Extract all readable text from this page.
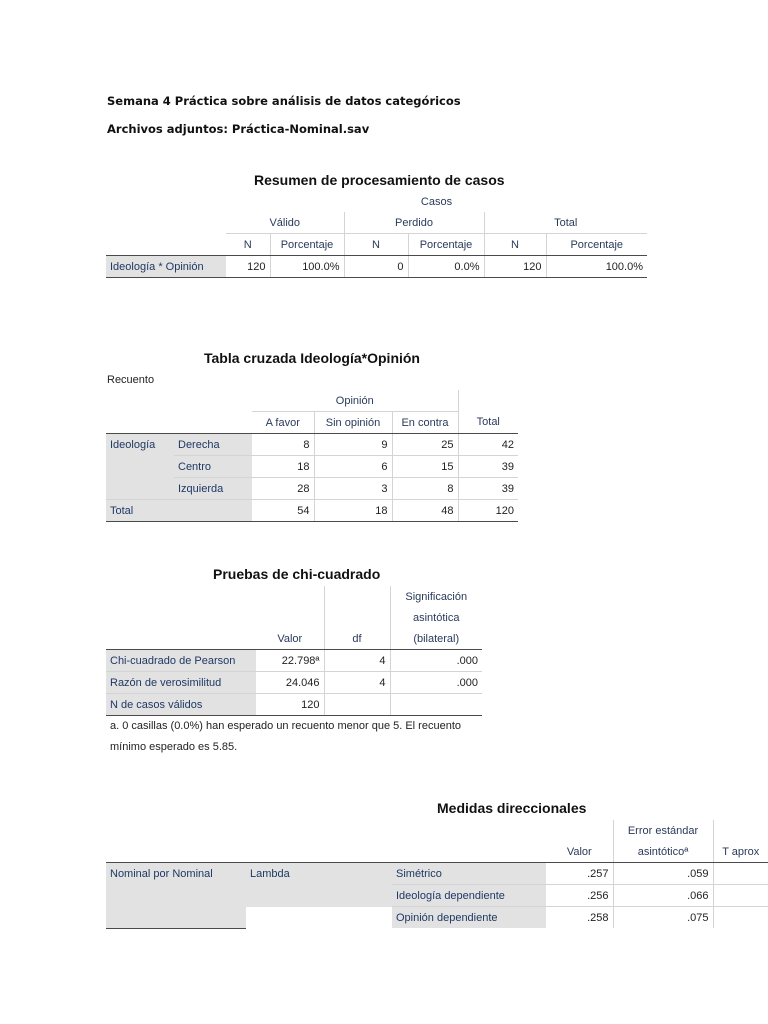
Semana 4 Práctica sobre análisis de datos categóricos
Archivos adjuntos: Práctica-Nominal.sav
Resumen de procesamiento de casos
	Casos					
	Válido		Perdido		Total	
	N	Porcentaje	N	Porcentaje	N	Porcentaje
Ideología * Opinión	120	100.0%	0	0.0%	120	100.0%
Tabla cruzada Ideología*Opinión
Recuento
		Opinión			
		A favor	Sin opinión	En contra	Total
Ideología	Derecha	8	9	25	42
	Centro	18	6	15	39
	Izquierda	28	3	8	39
Total		54	18	48	120
Pruebas de chi-cuadrado
			Significación
			asintótica
	Valor	df	(bilateral)
Chi-cuadrado de Pearson	22.798ª	4	.000
Razón de verosimilitud	24.046	4	.000
N de casos válidos	120		
a. 0 casillas (0.0%) han esperado un recuento menor que 5. El recuento
mínimo esperado es 5.85.
Medidas direccionales
				Error estándar	
			Valor	asintóticoª	T aprox
Nominal por Nominal	Lambda	Simétrico	.257	.059	
		Ideología dependiente	.256	.066	
		Opinión dependiente	.258	.075	
